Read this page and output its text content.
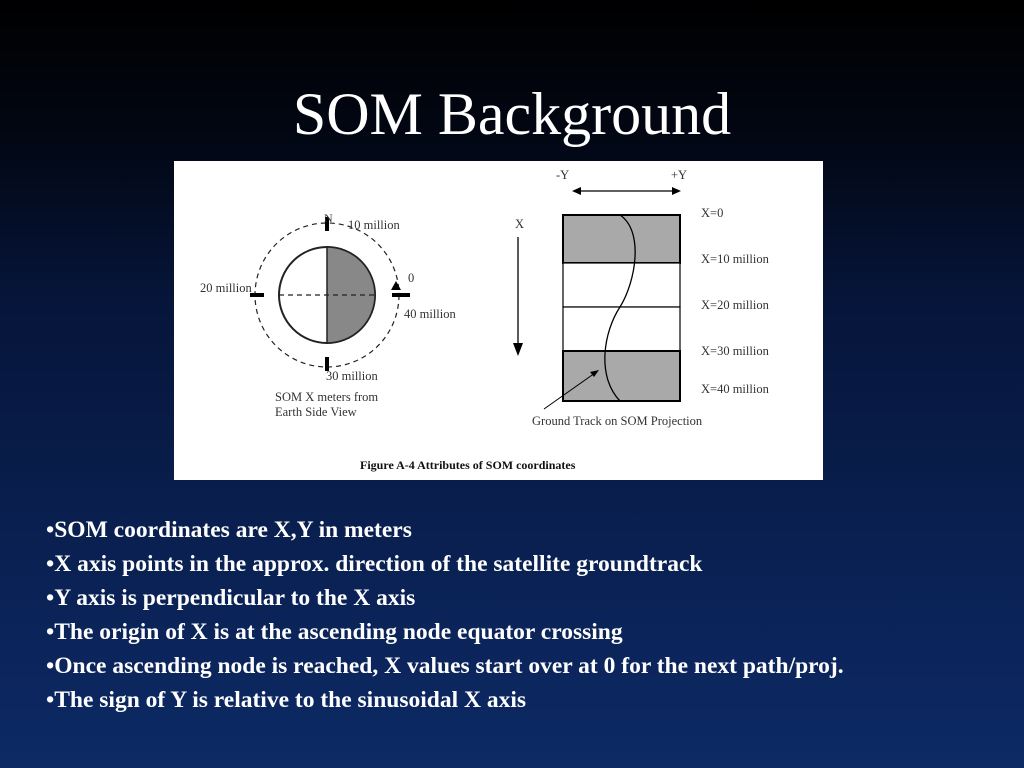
SOM Background
N 10 million
20 million
0
40 million
30 million
SOM X meters from
Earth Side View
-Y	+Y
X
X=0
X=10 million
X=20 million
X=30 million
X=40 million
Ground Track on SOM Projection
Figure A-4 Attributes of SOM coordinates
•SOM coordinates are X,Y in meters
•X axis points in the approx. direction of the satellite groundtrack
•Y axis is perpendicular to the X axis
•The origin of X is at the ascending node equator crossing
•Once ascending node is reached, X values start over at 0 for the next path/proj.
•The sign of Y is relative to the sinusoidal X axis
